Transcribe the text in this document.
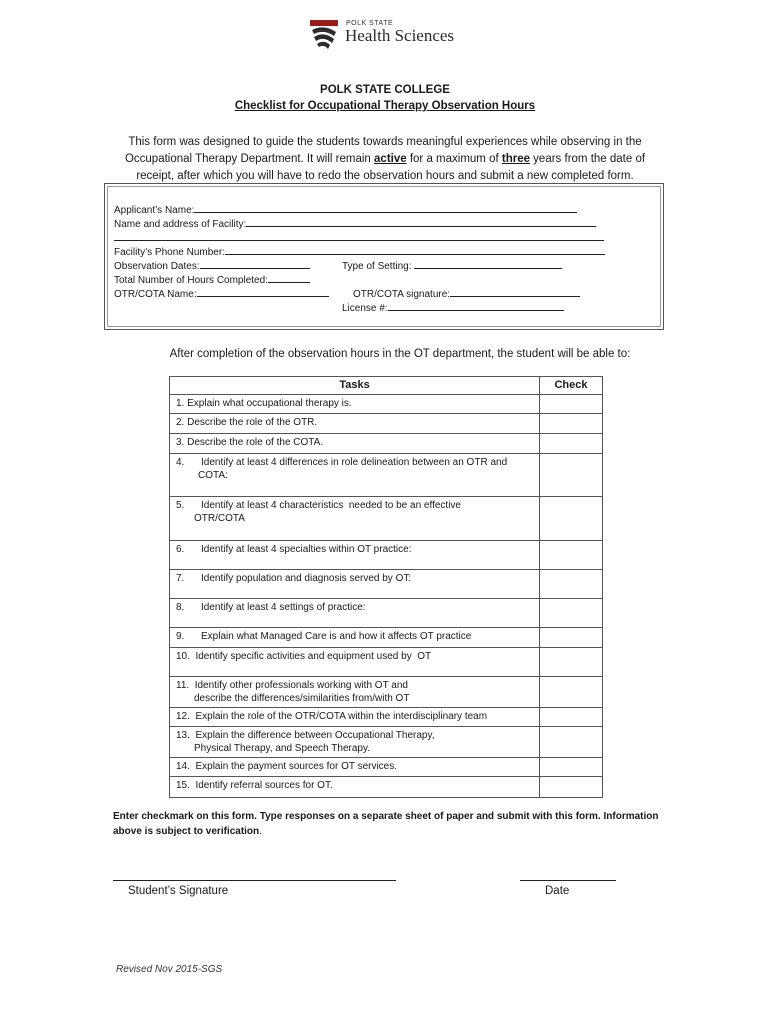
POLK STATE
Health Sciences
POLK STATE COLLEGE
Checklist for Occupational Therapy Observation Hours
This form was designed to guide the students towards meaningful experiences while observing in the Occupational Therapy Department. It will remain active for a maximum of three years from the date of receipt, after which you will have to redo the observation hours and submit a new completed form.
Applicant’s Name:
Name and address of Facility:
Facility’s Phone Number:
Observation Dates:	Type of Setting:
Total Number of Hours Completed:
OTR/COTA Name:	OTR/COTA signature:
License #:
After completion of the observation hours in the OT department, the student will be able to:
Tasks	Check
1. Explain what occupational therapy is.	
2. Describe the role of the OTR.	
3. Describe the role of the COTA.	

4.      Identify at least 4 differences in role delineation between an OTR and
COTA:	

5.      Identify at least 4 characteristics  needed to be an effective
OTR/COTA	

6.      Identify at least 4 specialties within OT practice:	
7.      Identify population and diagnosis served by OT:	
8.      Identify at least 4 settings of practice:	
9.      Explain what Managed Care is and how it affects OT practice	
10.  Identify specific activities and equipment used by  OT	

11.  Identify other professionals working with OT and
describe the differences/similarities from/with OT	

12.  Explain the role of the OTR/COTA within the interdisciplinary team	

13.  Explain the difference between Occupational Therapy,
Physical Therapy, and Speech Therapy.	

14.  Explain the payment sources for OT services.	
15.  Identify referral sources for OT.	
Enter checkmark on this form. Type responses on a separate sheet of paper and submit with this form. Information above is subject to verification.
Student’s Signature	Date
Revised Nov 2015-SGS
